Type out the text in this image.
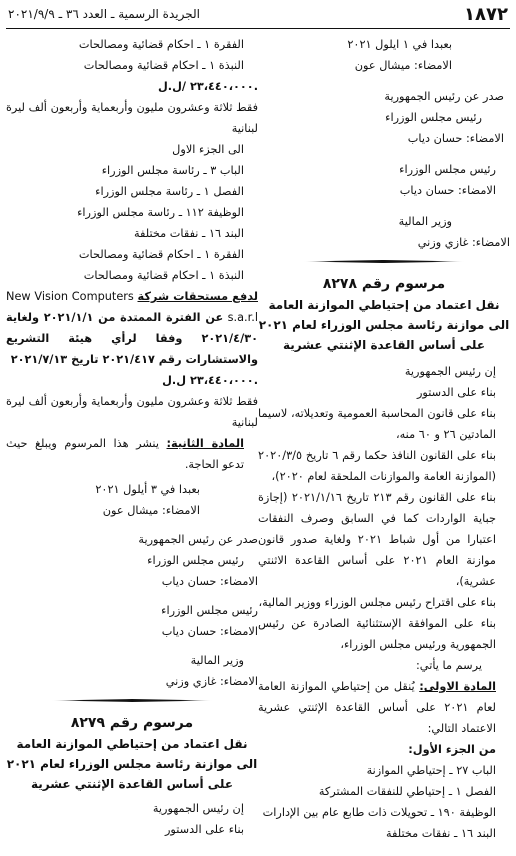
١٨٧٢
الجريدة الرسمية ـ العدد ٣٦ ـ ٢٠٢١/٩/٩

بعبدا في ١ ايلول ٢٠٢١

الامضاء: ميشال عون

صدر عن رئيس الجمهورية

رئيس مجلس الوزراء

الامضاء: حسان دياب

رئيس مجلس الوزراء

الامضاء: حسان دياب

وزير المالية

الامضاء: غازي وزني

مرسوم رقم ٨٢٧٨
نقل اعتماد من إحتياطي الموازنة العامة
الى موازنة رئاسة مجلس الوزراء لعام ٢٠٢١
على أساس القاعدة الإثنتي عشرية

إن رئيس الجمهورية

بناء على الدستور

بناء على قانون المحاسبة العمومية وتعديلاته، لاسيما المادتين ٢٦ و ٦٠ منه،

بناء على القانون النافذ حكما رقم ٦ تاريخ ٢٠٢٠/٣/٥ (الموازنة العامة والموازنات الملحقة لعام ٢٠٢٠)،

بناء على القانون رقم ٢١٣ تاريخ ٢٠٢١/١/١٦ (إجازة جباية الواردات كما في السابق وصرف النفقات اعتبارا من أول شباط ٢٠٢١ ولغاية صدور قانون موازنة العام ٢٠٢١ على أساس القاعدة الاثنتي عشرية)،

بناء على اقتراح رئيس مجلس الوزراء ووزير المالية،

بناء على الموافقة الإستثنائية الصادرة عن رئيس الجمهورية ورئيس مجلس الوزراء،

يرسم ما يأتي:

المادة الاولى: يُنقل من إحتياطي الموازنة العامة لعام ٢٠٢١ على أساس القاعدة الإثنتي عشرية الاعتماد التالي:

من الجزء الأول:

الباب ٢٧ ـ إحتياطي الموازنة

الفصل ١ ـ إحتياطي للنفقات المشتركة

الوظيفة ١٩٠ ـ تحويلات ذات طابع عام بين الإدارات

البند ١٦ ـ نفقات مختلفة

الفقرة ١ ـ احكام قضائية ومصالحات

النبذة ١ ـ احكام قضائية ومصالحات

٢٣،٤٤٠،٠٠٠ /ل.ل.

فقط ثلاثة وعشرون مليون وأربعماية وأربعون ألف ليرة لبنانية

الى الجزء الاول

الباب ٣ ـ رئاسة مجلس الوزراء

الفصل ١ ـ رئاسة مجلس الوزراء

الوظيفة ١١٢ ـ رئاسة مجلس الوزراء

البند ١٦ ـ نفقات مختلفة

الفقرة ١ ـ احكام قضائية ومصالحات

النبذة ١ ـ احكام قضائية ومصالحات

لدفع مستحقات شركة New Vision Computers s.a.r.l عن الفترة الممتدة من ٢٠٢١/١/١ ولغاية ٢٠٢١/٤/٣٠ وفقا لرأي هيئة التشريع والاستشارات رقم ٢٠٢١/٤١٧ تاريخ ٢٠٢١/٧/١٣

٢٣،٤٤٠،٠٠٠ ل.ل.

فقط ثلاثة وعشرون مليون وأربعماية وأربعون ألف ليرة لبنانية

المادة الثانية: ينشر هذا المرسوم ويبلغ حيث تدعو الحاجة.

بعبدا في ٣ أيلول ٢٠٢١

الامضاء: ميشال عون

صدر عن رئيس الجمهورية

رئيس مجلس الوزراء

الامضاء: حسان دياب

رئيس مجلس الوزراء

الامضاء: حسان دياب

وزير المالية

الامضاء: غازي وزني

مرسوم رقم ٨٢٧٩
نقل اعتماد من إحتياطي الموازنة العامة
الى موازنة رئاسة مجلس الوزراء لعام ٢٠٢١
على أساس القاعدة الإثنتي عشرية

إن رئيس الجمهورية

بناء على الدستور
